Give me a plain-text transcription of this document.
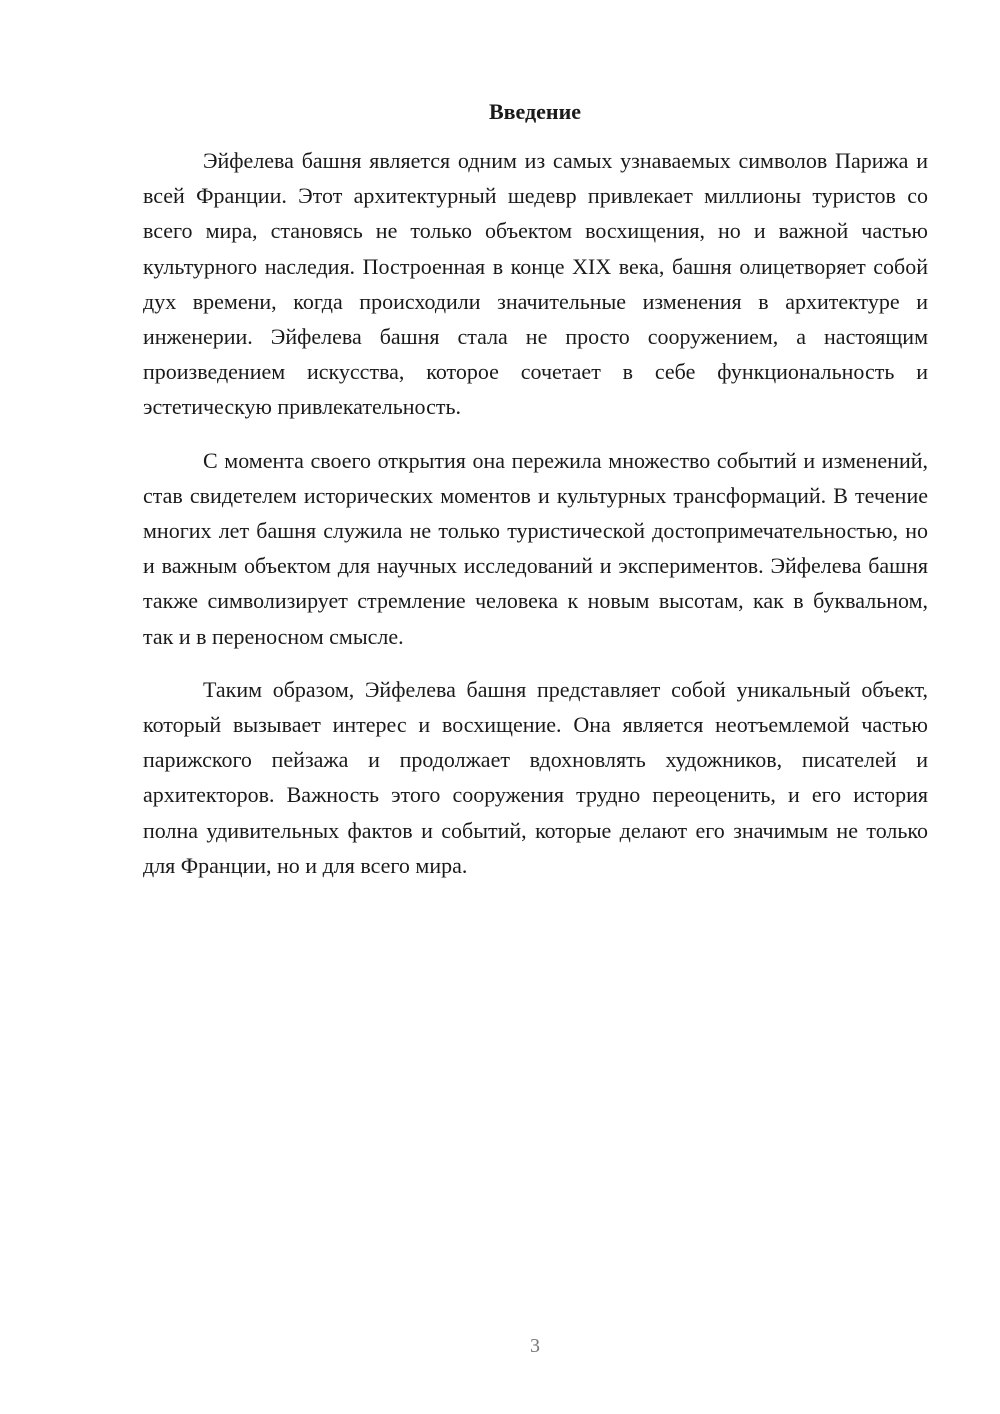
Введение

Эйфелева башня является одним из самых узнаваемых символов Парижа и всей Франции. Этот архитектурный шедевр привлекает миллионы туристов со всего мира, становясь не только объектом восхищения, но и важной частью культурного наследия. Построенная в конце XIX века, башня олицетворяет собой дух времени, когда происходили значительные изменения в архитектуре и инженерии. Эйфелева башня стала не просто сооружением, а настоящим произведением искусства, которое сочетает в себе функциональность и эстетическую привлекательность.

С момента своего открытия она пережила множество событий и изменений, став свидетелем исторических моментов и культурных трансформаций. В течение многих лет башня служила не только туристической достопримечательностью, но и важным объектом для научных исследований и экспериментов. Эйфелева башня также символизирует стремление человека к новым высотам, как в буквальном, так и в переносном смысле.

Таким образом, Эйфелева башня представляет собой уникальный объект, который вызывает интерес и восхищение. Она является неотъемлемой частью парижского пейзажа и продолжает вдохновлять художников, писателей и архитекторов. Важность этого сооружения трудно переоценить, и его история полна удивительных фактов и событий, которые делают его значимым не только для Франции, но и для всего мира.

3
